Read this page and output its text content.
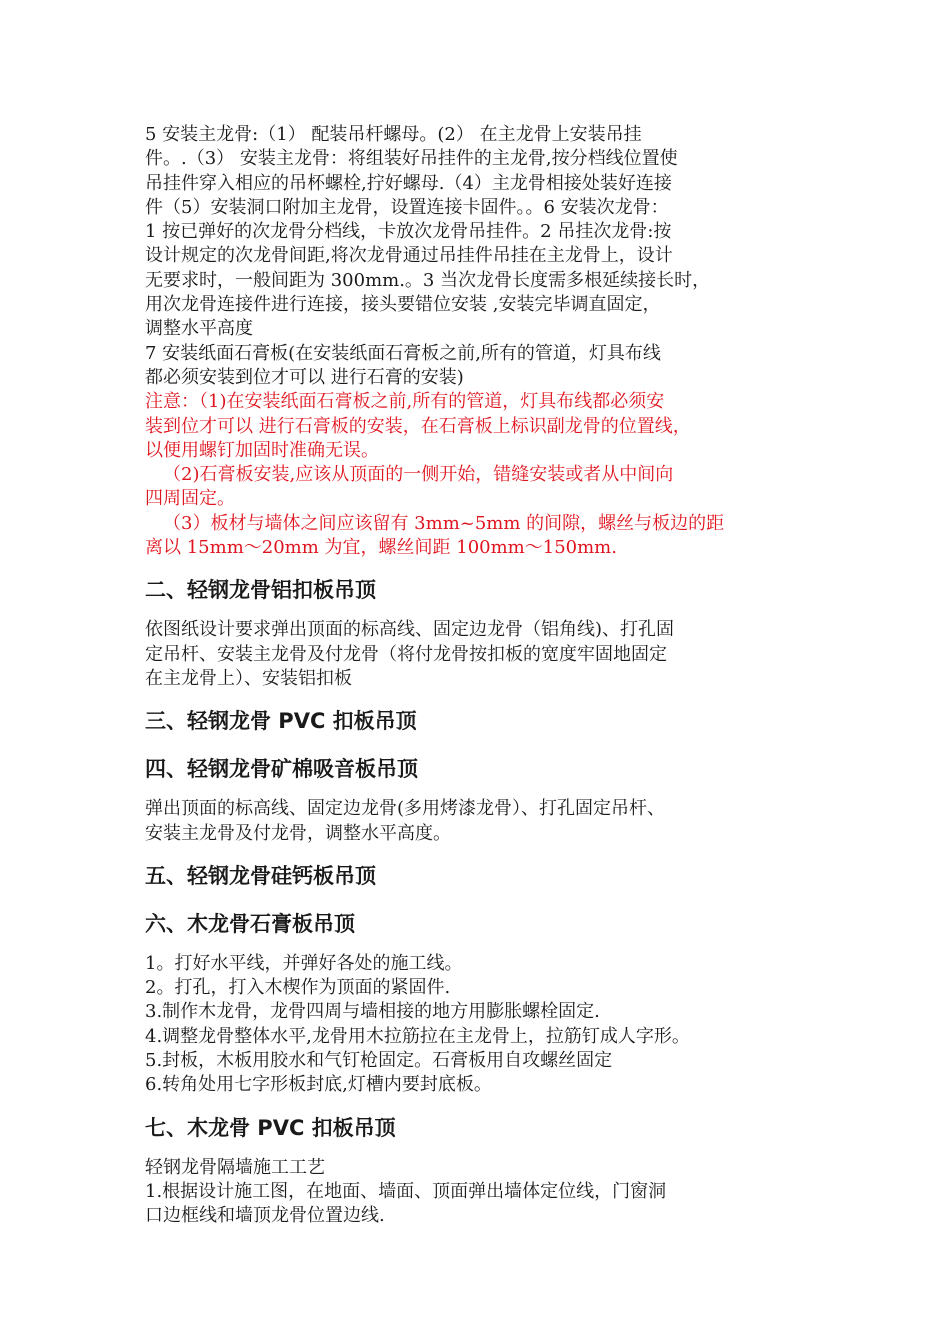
5 安装主龙骨:（1） 配装吊杆螺母。(2） 在主龙骨上安装吊挂

件。.（3） 安装主龙骨：将组装好吊挂件的主龙骨,按分档线位置使

吊挂件穿入相应的吊杯螺栓,拧好螺母.（4）主龙骨相接处装好连接

件（5）安装洞口附加主龙骨，设置连接卡固件。。6 安装次龙骨：

1 按已弹好的次龙骨分档线，卡放次龙骨吊挂件。2 吊挂次龙骨:按

设计规定的次龙骨间距,将次龙骨通过吊挂件吊挂在主龙骨上，设计

无要求时，一般间距为 300mm.。3 当次龙骨长度需多根延续接长时，

用次龙骨连接件进行连接，接头要错位安装 ,安装完毕调直固定，

调整水平高度

7 安装纸面石膏板(在安装纸面石膏板之前,所有的管道，灯具布线

都必须安装到位才可以 进行石膏的安装)

注意：（1)在安装纸面石膏板之前,所有的管道，灯具布线都必须安

装到位才可以 进行石膏板的安装，在石膏板上标识副龙骨的位置线，

以便用螺钉加固时准确无误。

（2)石膏板安装,应该从顶面的一侧开始，错缝安装或者从中间向

四周固定。

（3）板材与墙体之间应该留有 3mm~5mm 的间隙，螺丝与板边的距

离以 15mm～20mm 为宜，螺丝间距 100mm～150mm.

二、轻钢龙骨铝扣板吊顶

依图纸设计要求弹出顶面的标高线、固定边龙骨（铝角线)、打孔固

定吊杆、安装主龙骨及付龙骨（将付龙骨按扣板的宽度牢固地固定

在主龙骨上）、安装铝扣板

三、轻钢龙骨 PVC 扣板吊顶
四、轻钢龙骨矿棉吸音板吊顶

弹出顶面的标高线、固定边龙骨(多用烤漆龙骨）、打孔固定吊杆、

安装主龙骨及付龙骨，调整水平高度。

五、轻钢龙骨硅钙板吊顶
六、木龙骨石膏板吊顶

1。打好水平线，并弹好各处的施工线。

2。打孔，打入木楔作为顶面的紧固件.

3.制作木龙骨，龙骨四周与墙相接的地方用膨胀螺栓固定.

4.调整龙骨整体水平,龙骨用木拉筋拉在主龙骨上，拉筋钉成人字形。

5.封板，木板用胶水和气钉枪固定。石膏板用自攻螺丝固定

6.转角处用七字形板封底,灯槽内要封底板。

七、木龙骨 PVC 扣板吊顶

轻钢龙骨隔墙施工工艺

1.根据设计施工图，在地面、墙面、顶面弹出墙体定位线，门窗洞

口边框线和墙顶龙骨位置边线.
